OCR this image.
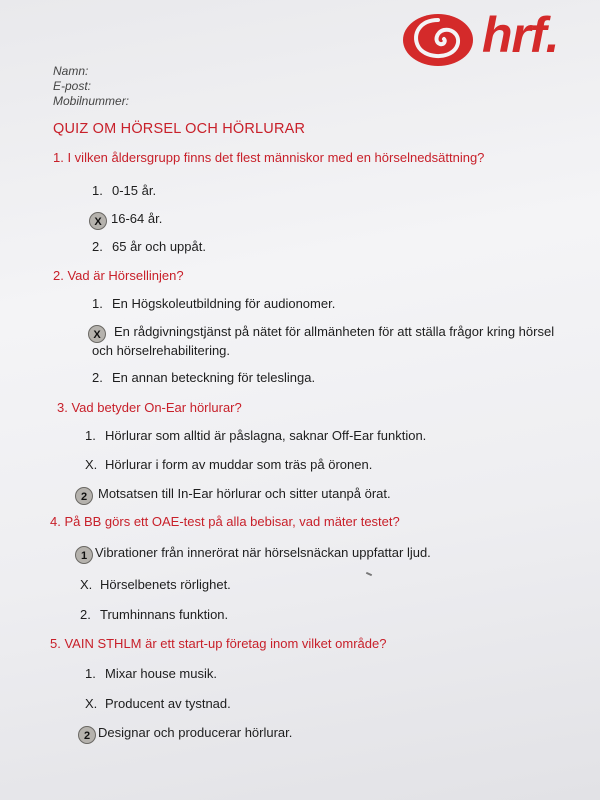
hrf.
Namn:
E-post:
Mobilnummer:
QUIZ OM HÖRSEL OCH HÖRLURAR
1. I vilken åldersgrupp finns det flest människor med en hörselnedsättning?
1. 0-15 år.
X 16-64 år.
2. 65 år och uppåt.
2. Vad är Hörsellinjen?
1. En Högskoleutbildning för audionomer.
X	En rådgivningstjänst på nätet för allmänheten för att ställa frågor kring hörsel
och hörselrehabilitering.
2. En annan beteckning för teleslinga.
3. Vad betyder On-Ear hörlurar?
1. Hörlurar som alltid är påslagna, saknar Off-Ear funktion.
X. Hörlurar i form av muddar som träs på öronen.
2 Motsatsen till In-Ear hörlurar och sitter utanpå örat.
4. På BB görs ett OAE-test på alla bebisar, vad mäter testet?
1 Vibrationer från innerörat när hörselsnäckan uppfattar ljud.
X. Hörselbenets rörlighet.
2. Trumhinnans funktion.
5. VAIN STHLM är ett start-up företag inom vilket område?
1. Mixar house musik.
X. Producent av tystnad.
2 Designar och producerar hörlurar.
